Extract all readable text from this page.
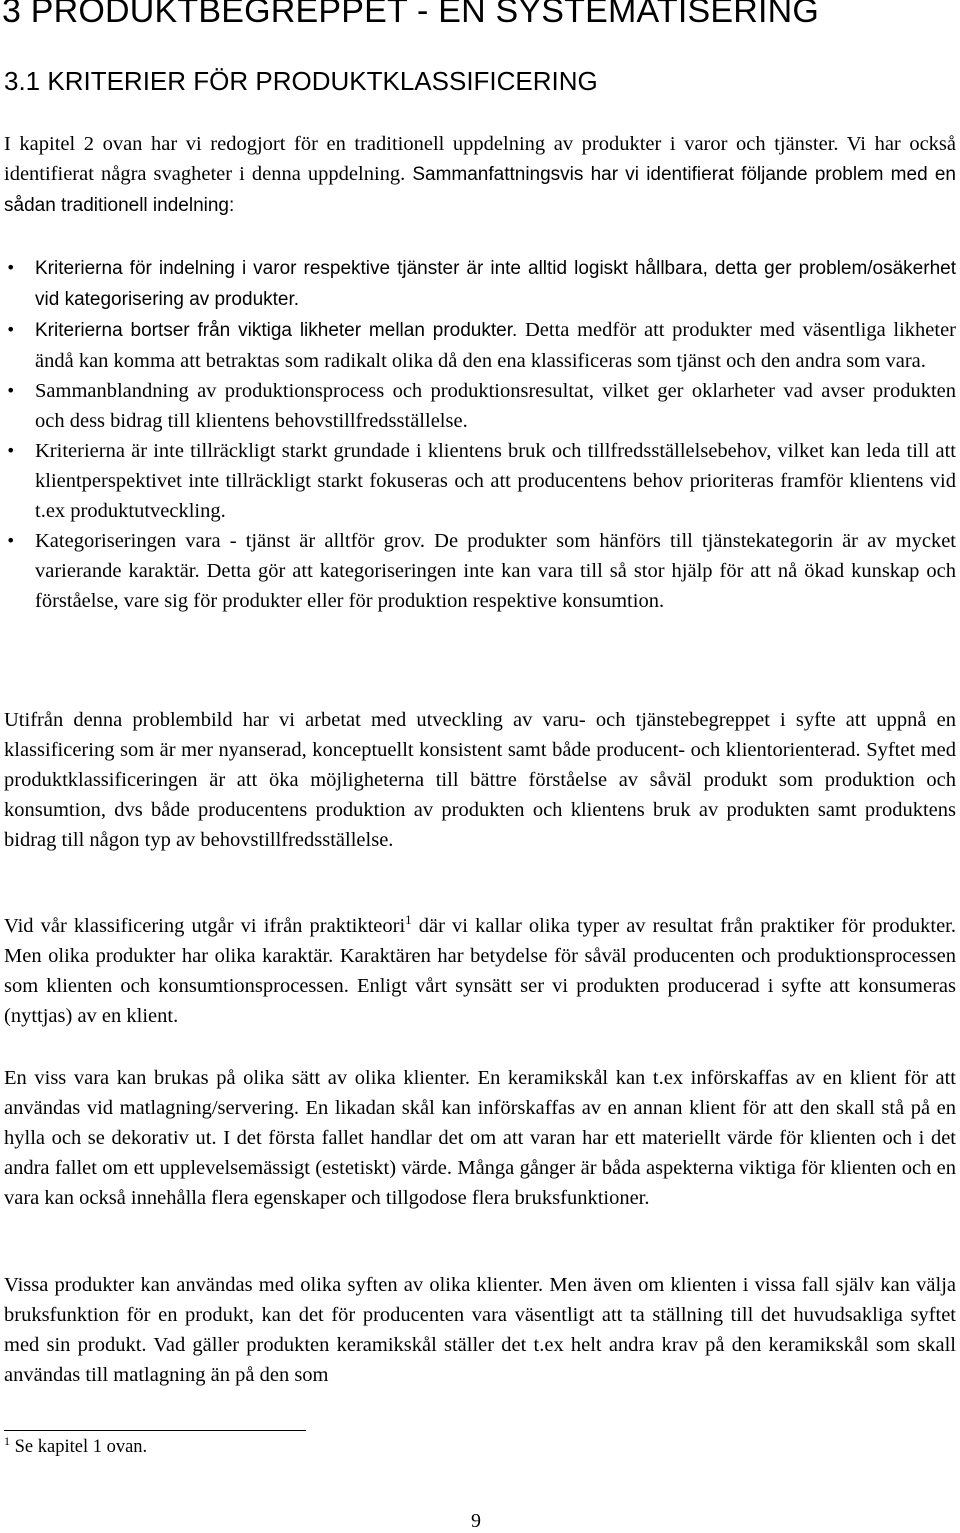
3 PRODUKTBEGREPPET - EN SYSTEMATISERING
3.1 KRITERIER FÖR PRODUKTKLASSIFICERING

I kapitel 2 ovan har vi redogjort för en traditionell uppdelning av produkter i varor och tjänster. Vi har också identifierat några svagheter i denna uppdelning. Sammanfattningsvis har vi identifierat följande problem med en sådan traditionell indelning:

• Kriterierna för indelning i varor respektive tjänster är inte alltid logiskt hållbara, detta ger problem/osäkerhet vid kategorisering av produkter.
• Kriterierna bortser från viktiga likheter mellan produkter. Detta medför att produkter med väsentliga likheter ändå kan komma att betraktas som radikalt olika då den ena klassificeras som tjänst och den andra som vara.
• Sammanblandning av produktionsprocess och produktionsresultat, vilket ger oklarheter vad avser produkten och dess bidrag till klientens behovstillfredsställelse.
• Kriterierna är inte tillräckligt starkt grundade i klientens bruk och tillfredsställelsebehov, vilket kan leda till att klientperspektivet inte tillräckligt starkt fokuseras och att producentens behov prioriteras framför klientens vid t.ex produktutveckling.
• Kategoriseringen vara - tjänst är alltför grov. De produkter som hänförs till tjänstekategorin är av mycket varierande karaktär. Detta gör att kategoriseringen inte kan vara till så stor hjälp för att nå ökad kunskap och förståelse, vare sig för produkter eller för produktion respektive konsumtion.

Utifrån denna problembild har vi arbetat med utveckling av varu- och tjänstebegreppet i syfte att uppnå en klassificering som är mer nyanserad, konceptuellt konsistent samt både producent- och klientorienterad. Syftet med produktklassificeringen är att öka möjligheterna till bättre förståelse av såväl produkt som produktion och konsumtion, dvs både producentens produktion av produkten och klientens bruk av produkten samt produktens bidrag till någon typ av behovstillfredsställelse.

Vid vår klassificering utgår vi ifrån praktikteori$^1$ där vi kallar olika typer av resultat från praktiker för produkter. Men olika produkter har olika karaktär. Karaktären har betydelse för såväl producenten och produktionsprocessen som klienten och konsumtionsprocessen. Enligt vårt synsätt ser vi produkten producerad i syfte att konsumeras (nyttjas) av en klient.

En viss vara kan brukas på olika sätt av olika klienter. En keramikskål kan t.ex införskaffas av en klient för att användas vid matlagning/servering. En likadan skål kan införskaffas av en annan klient för att den skall stå på en hylla och se dekorativ ut. I det första fallet handlar det om att varan har ett materiellt värde för klienten och i det andra fallet om ett upplevelsemässigt (estetiskt) värde. Många gånger är båda aspekterna viktiga för klienten och en vara kan också innehålla flera egenskaper och tillgodose flera bruksfunktioner.

Vissa produkter kan användas med olika syften av olika klienter. Men även om klienten i vissa fall själv kan välja bruksfunktion för en produkt, kan det för producenten vara väsentligt att ta ställning till det huvudsakliga syftet med sin produkt. Vad gäller produkten keramikskål ställer det t.ex helt andra krav på den keramikskål som skall användas till matlagning än på den som

$^1$ Se kapitel 1 ovan.
9
